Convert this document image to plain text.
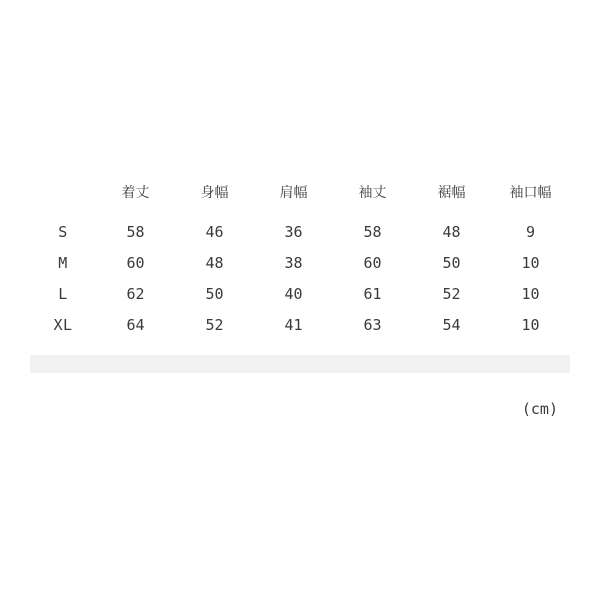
	着丈	身幅	肩幅	袖丈	裾幅	袖口幅
S	58	46	36	58	48	9
M	60	48	38	60	50	10
L	62	50	40	61	52	10
XL	64	52	41	63	54	10
(cm)
